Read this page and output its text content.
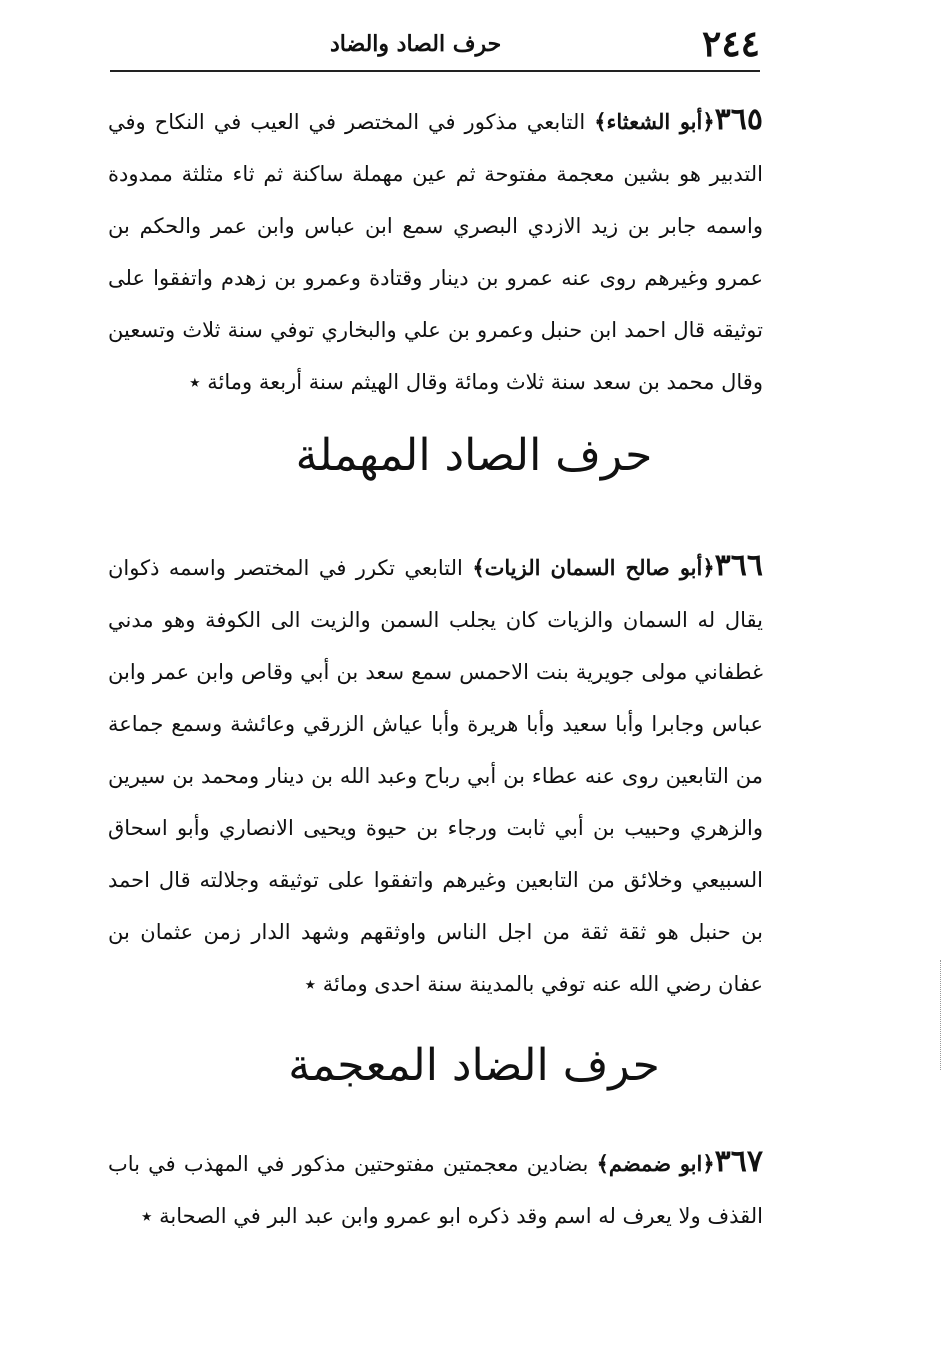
٢٤٤
حرف الصاد والضاد
٣٦٥﴿أبو الشعثاء﴾ التابعي مذكور في المختصر في العيب في النكاح وفي التدبير هو بشين معجمة مفتوحة ثم عين مهملة ساكنة ثم ثاء مثلثة ممدودة واسمه جابر بن زيد الازدي البصري سمع ابن عباس وابن عمر والحكم بن عمرو وغيرهم روى عنه عمرو بن دينار وقتادة وعمرو بن زهدم واتفقوا على توثيقه قال احمد ابن حنبل وعمرو بن علي والبخاري توفي سنة ثلاث وتسعين وقال محمد بن سعد سنة ثلاث ومائة وقال الهيثم سنة أربعة ومائة ٭
حرف الصاد المهملة
٣٦٦﴿أبو صالح السمان الزيات﴾ التابعي تكرر في المختصر واسمه ذكوان يقال له السمان والزيات كان يجلب السمن والزيت الى الكوفة وهو مدني غطفاني مولى جويرية بنت الاحمس سمع سعد بن أبي وقاص وابن عمر وابن عباس وجابرا وأبا سعيد وأبا هريرة وأبا عياش الزرقي وعائشة وسمع جماعة من التابعين روى عنه عطاء بن أبي رباح وعبد الله بن دينار ومحمد بن سيرين والزهري وحبيب بن أبي ثابت ورجاء بن حيوة ويحيى الانصاري وأبو اسحاق السبيعي وخلائق من التابعين وغيرهم واتفقوا على توثيقه وجلالته قال احمد بن حنبل هو ثقة ثقة من اجل الناس واوثقهم وشهد الدار زمن عثمان بن عفان رضي الله عنه توفي بالمدينة سنة احدى ومائة ٭
حرف الضاد المعجمة
٣٦٧﴿ابو ضمضم﴾ بضادين معجمتين مفتوحتين مذكور في المهذب في باب القذف ولا يعرف له اسم وقد ذكره ابو عمرو وابن عبد البر في الصحابة ٭
